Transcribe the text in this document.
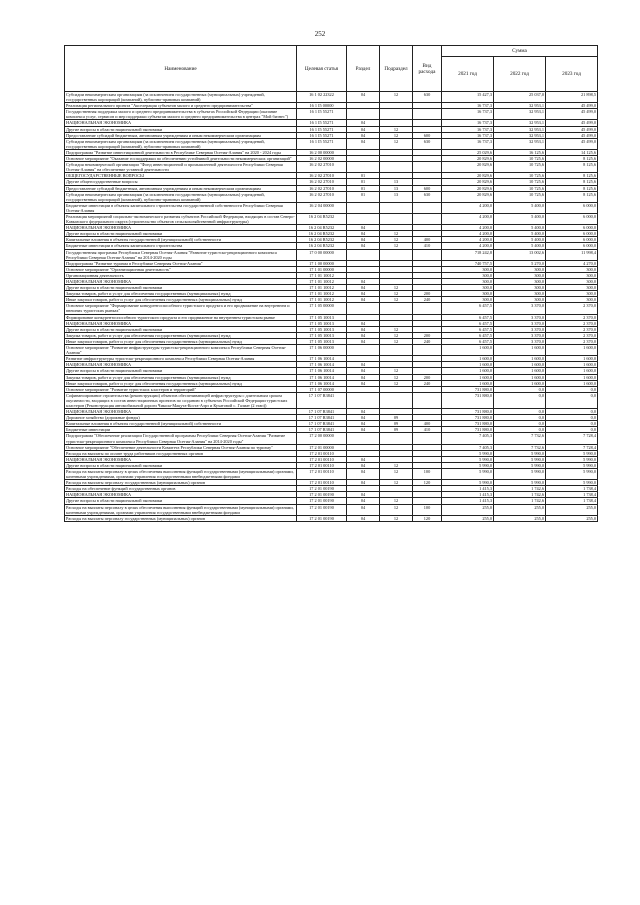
252
Наименование	Целевая статья	Раздел	Подраздел	Вид расхода	Сумма		
					2021 год	2022 год	2023 год
Субсидии некоммерческим организациям (за исключением государственных (муниципальных) учреждений, государственных корпораций (компаний), публично-правовых компаний)	16 1 02 22322	04	12	630	15 427,3	25 037,0	21 898,5
Реализация регионального проекта "Акселерация субъектов малого и среднего предпринимательства"	16 1 I5 00000				16 737,3	32 953,1	45 499,0
Государственная поддержка малого и среднего предпринимательства в субъектах Российской Федерации (оказание комплекса услуг, сервисов и мер поддержки субъектам малого и среднего предпринимательства в центрах "Мой бизнес")	16 1 I5 55271				16 737,3	32 953,1	45 499,0
НАЦИОНАЛЬНАЯ ЭКОНОМИКА	16 1 I5 55271	04			16 737,3	32 953,1	45 499,0
Другие вопросы в области национальной экономики	16 1 I5 55271	04	12		16 737,3	32 953,1	45 499,0
Предоставление субсидий бюджетным, автономным учреждениям и иным некоммерческим организациям	16 1 I5 55271	04	12	600	16 737,3	32 953,1	45 499,0
Субсидии некоммерческим организациям (за исключением государственных (муниципальных) учреждений, государственных корпораций (компаний), публично-правовых компаний)	16 1 I5 55271	04	12	630	16 737,3	32 953,1	45 499,0
Подпрограмма "Развитие инвестиционной деятельности в Республике Северная Осетия-Алания" на 2020 - 2024 годы	16 2 00 00000				25 029,6	16 125,6	14 125,6
Основное мероприятие "Оказание господдержки по обеспечению устойчивой деятельности некоммерческих организаций"	16 2 02 00000				20 829,6	10 725,6	8 125,6
Субсидия некоммерческой организации "Фонд инвестиционной и промышленной деятельности Республики Северная Осетия-Алания" на обеспечение уставной деятельности	16 2 02 27010				20 829,6	10 725,6	8 125,6
ОБЩЕГОСУДАРСТВЕННЫЕ ВОПРОСЫ	16 2 02 27010	01			20 829,6	10 725,6	8 125,6
Другие общегосударственные вопросы	16 2 02 27010	01	13		20 829,6	10 725,6	8 125,6
Предоставление субсидий бюджетным, автономным учреждениям и иным некоммерческим организациям	16 2 02 27010	01	13	600	20 829,6	10 725,6	8 125,6
Субсидии некоммерческим организациям (за исключением государственных (муниципальных) учреждений, государственных корпораций (компаний), публично-правовых компаний)	16 2 02 27010	01	13	630	20 829,6	10 725,6	8 125,6
Бюджетные инвестиции в объекты капитального строительства государственной собственности Республики Северная Осетия-Алания	16 2 04 00000				4 200,0	5 400,0	6 000,0
Реализация мероприятий социально-экономического развития субъектов Российской Федерации, входящих в состав Северо-Кавказского федерального округа (строительство объектов сельскохозяйственной инфраструктуры)	16 2 04 R5232				4 200,0	5 400,0	6 000,0
НАЦИОНАЛЬНАЯ ЭКОНОМИКА	16 2 04 R5232	04			4 200,0	5 400,0	6 000,0
Другие вопросы в области национальной экономики	16 2 04 R5232	04	12		4 200,0	5 400,0	6 000,0
Капитальные вложения в объекты государственной (муниципальной) собственности	16 2 04 R5232	04	12	400	4 200,0	5 400,0	6 000,0
Бюджетные инвестиции в объекты капитального строительства	16 2 04 R5232	04	12	410	4 200,0	5 400,0	6 000,0
Государственная программа Республики Северная Осетия-Алания "Развитие туристско-рекреационного комплекса Республики Северная Осетия-Алания" на 2014-2020 годы	17 0 00 00000				718 242,8	13 002,6	11 998,4
Подпрограмма "Развитие туризма в Республике Северная Осетия-Алания"	17 1 00 00000				740 757,5	5 270,0	4 270,0
Основное мероприятие "Организационная деятельность"	17 1 01 00000				300,0	300,0	300,0
Организационная деятельность	17 1 01 10012				300,0	300,0	300,0
НАЦИОНАЛЬНАЯ ЭКОНОМИКА	17 1 01 10012	04			300,0	300,0	300,0
Другие вопросы в области национальной экономики	17 1 01 10012	04	12		300,0	300,0	300,0
Закупка товаров, работ и услуг для обеспечения государственных (муниципальных) нужд	17 1 01 10012	04	12	200	300,0	300,0	300,0
Иные закупки товаров, работ и услуг для обеспечения государственных (муниципальных) нужд	17 1 01 10012	04	12	240	300,0	300,0	300,0
Основное мероприятие "Формирование конкурентоспособного туристского продукта и его продвижение на внутреннем и внешних туристских рынках"	17 1 05 00000				6 457,5	3 370,0	2 370,0
Формирование конкурентоспособного туристского продукта и его продвижение на внутреннем туристском рынке	17 1 05 10013				6 457,5	3 370,0	2 370,0
НАЦИОНАЛЬНАЯ ЭКОНОМИКА	17 1 05 10013	04			6 457,5	3 370,0	2 370,0
Другие вопросы в области национальной экономики	17 1 05 10013	04	12		6 457,5	3 370,0	2 370,0
Закупка товаров, работ и услуг для обеспечения государственных (муниципальных) нужд	17 1 05 10013	04	12	200	6 457,5	3 370,0	2 370,0
Иные закупки товаров, работ и услуг для обеспечения государственных (муниципальных) нужд	17 1 05 10013	04	12	240	6 457,5	3 370,0	2 370,0
Основное мероприятие "Развитие инфраструктуры туристско-рекреационного комплекса Республики Северная Осетия-Алания"	17 1 06 00000				1 600,0	1 600,0	1 600,0
Развитие инфраструктуры туристско-рекреационного комплекса Республики Северная Осетия-Алания	17 1 06 10014				1 600,0	1 600,0	1 600,0
НАЦИОНАЛЬНАЯ ЭКОНОМИКА	17 1 06 10014	04			1 600,0	1 600,0	1 600,0
Другие вопросы в области национальной экономики	17 1 06 10014	04	12		1 600,0	1 600,0	1 600,0
Закупка товаров, работ и услуг для обеспечения государственных (муниципальных) нужд	17 1 06 10014	04	12	200	1 600,0	1 600,0	1 600,0
Иные закупки товаров, работ и услуг для обеспечения государственных (муниципальных) нужд	17 1 06 10014	04	12	240	1 600,0	1 600,0	1 600,0
Основное мероприятие "Развитие туристских кластеров и территорий"	17 1 07 00000				731 880,0	0,0	0,0
Софинансирование строительства (реконструкции) объектов обеспечивающей инфраструктуры с длительным сроком окупаемости, входящих в состав инвестиционных проектов по созданию в субъектах Российской Федерации туристских кластеров (Реконструкция автомобильной дороги Чикола-Мацута-Коста-Аэрэ и Кухатовой с. Галиат (2 этап))	17 1 07 R3841				731 880,0	0,0	0,0
НАЦИОНАЛЬНАЯ ЭКОНОМИКА	17 1 07 R3841	04			731 880,0	0,0	0,0
Дорожное хозяйство (дорожные фонды)	17 1 07 R3841	04	09		731 880,0	0,0	0,0
Капитальные вложения в объекты государственной (муниципальной) собственности	17 1 07 R3841	04	09	400	731 880,0	0,0	0,0
Бюджетные инвестиции	17 1 07 R3841	04	09	410	731 880,0	0,0	0,0
Подпрограмма "Обеспечение реализации Государственной программы Республики Северная Осетия-Алания "Развитие туристско-рекреационного комплекса Республики Северная Осетия-Алания" на 2014-2020 годы"	17 2 00 00000				7 405,3	7 732,6	7 728,4
Основное мероприятие "Обеспечение деятельности Комитета Республики Северная Осетия-Алания по туризму"	17 2 01 00000				7 405,3	7 732,6	7 728,4
Расходы на выплаты по оплате труда работников государственных органов	17 2 01 00110				5 990,0	5 990,0	5 990,0
НАЦИОНАЛЬНАЯ ЭКОНОМИКА	17 2 01 00110	04			5 990,0	5 990,0	5 990,0
Другие вопросы в области национальной экономики	17 2 01 00110	04	12		5 990,0	5 990,0	5 990,0
Расходы на выплаты персоналу в целях обеспечения выполнения функций государственными (муниципальными) органами, казенными учреждениями, органами управления государственными внебюджетными фондами	17 2 01 00110	04	12	100	5 990,0	5 990,0	5 990,0
Расходы на выплаты персоналу государственных (муниципальных) органов	17 2 01 00110	04	12	120	5 990,0	5 990,0	5 990,0
Расходы на обеспечение функций государственных органов	17 2 01 00190				1 415,3	1 742,6	1 738,4
НАЦИОНАЛЬНАЯ ЭКОНОМИКА	17 2 01 00190	04			1 415,3	1 742,6	1 738,4
Другие вопросы в области национальной экономики	17 2 01 00190	04	12		1 415,3	1 742,6	1 738,4
Расходы на выплаты персоналу в целях обеспечения выполнения функций государственными (муниципальными) органами, казенными учреждениями, органами управления государственными внебюджетными фондами	17 2 01 00190	04	12	100	255,0	255,0	255,0
Расходы на выплаты персоналу государственных (муниципальных) органов	17 2 01 00190	04	12	120	255,0	255,0	255,0
